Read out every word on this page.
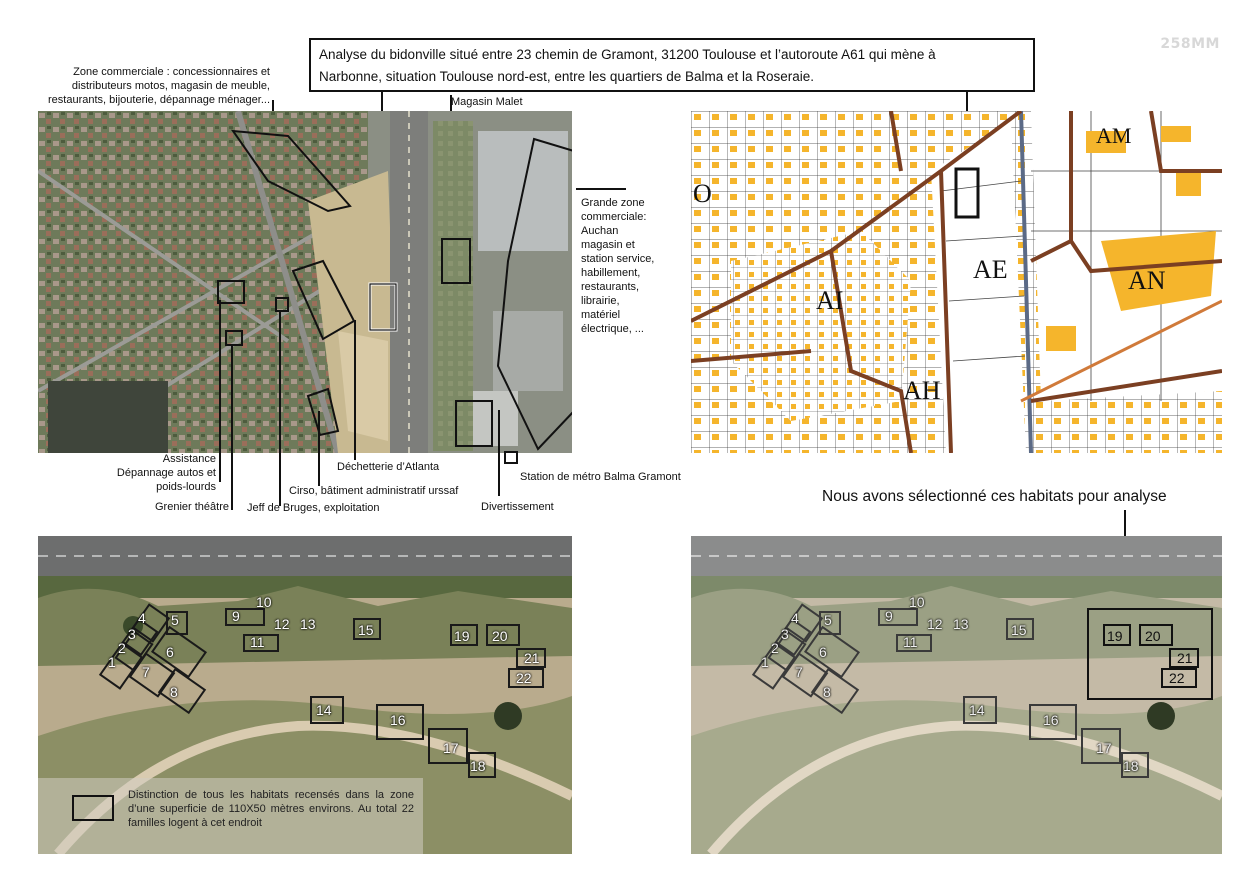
258MM
Analyse du bidonville situé entre 23 chemin de Gramont, 31200 Toulouse et l’autoroute A61 qui mène à
Narbonne, situation Toulouse nord-est, entre les quartiers de Balma et la Roseraie.
Zone commerciale : concessionnaires et
distributeurs motos, magasin de meuble,
restaurants, bijouterie, dépannage ménager...	Magasin Malet
Grande zone
commerciale:
Auchan
magasin et
station service,
habillement,
restaurants,
librairie,
matériel
électrique, ...
Assistance
Dépannage autos et
poids-lourds
Grenier théâtre Jeff de Bruges, exploitation
Cirso, bâtiment administratif urssaf
Déchetterie d’Atlanta
Divertissement
Station de métro Balma Gramont
AM
O
AI
AE	AN
AH
Nous avons sélectionné ces habitats pour analyse
1
2
3
4 5
6
7
8
9
10
11
12 13
14
15
16
17
18
19 20
21
22
Distinction de tous les habitats recensés dans la zone d’une superficie de 110X50 mètres environs. Au total 22 familles logent à cet endroit
1
2
3
4 5
6
7
8
9
10
11
12 13
14
15
16
17
18
19 20
21
22
